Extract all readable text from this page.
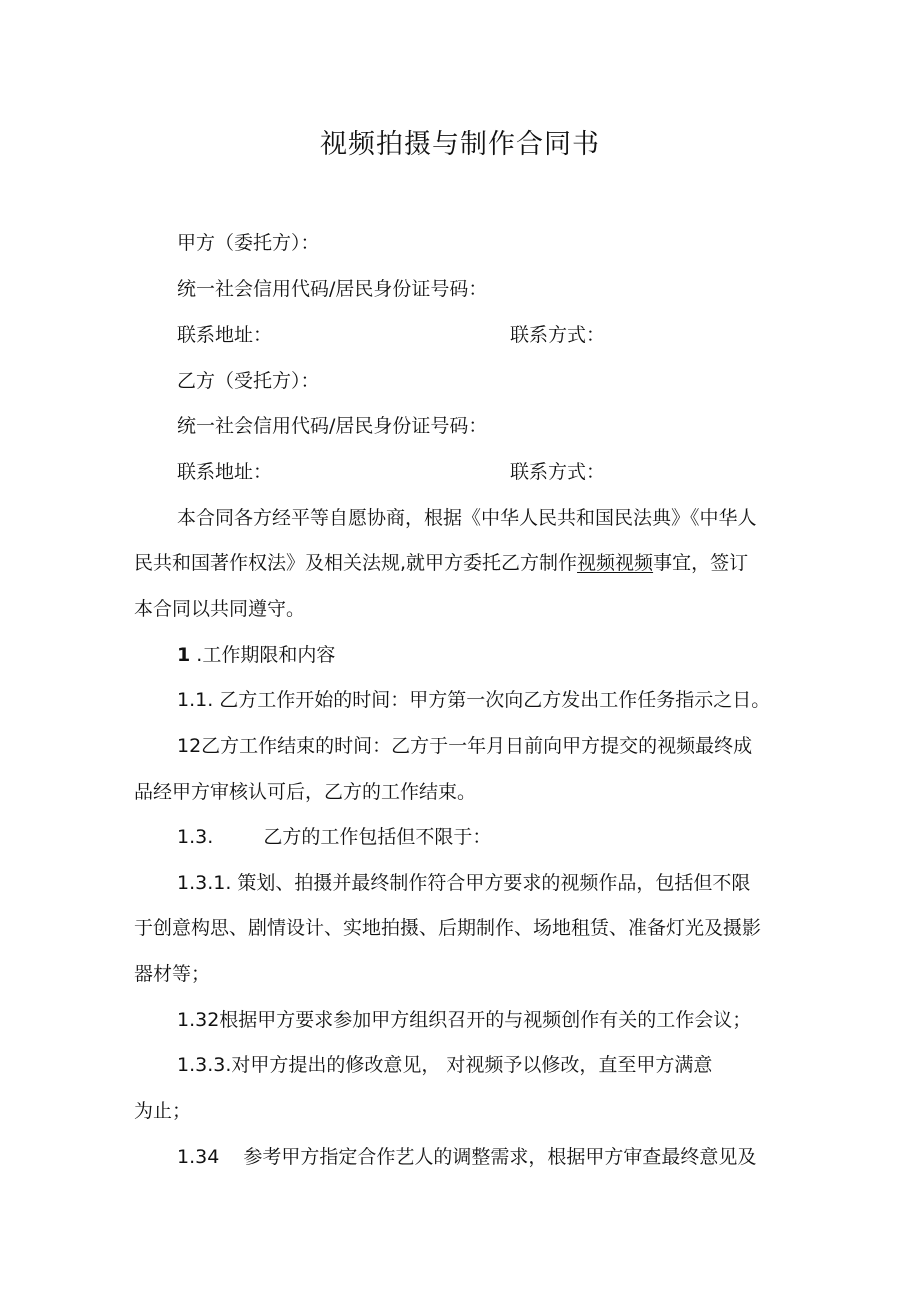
视频拍摄与制作合同书
甲方（委托方）：
统一社会信用代码/居民身份证号码：
联系地址：	联系方式：
乙方（受托方）：
统一社会信用代码/居民身份证号码：
联系地址：	联系方式：
本合同各方经平等自愿协商，根据《中华人民共和国民法典》《中华人
民共和国著作权法》及相关法规,就甲方委托乙方制作视频视频事宜，签订
本合同以共同遵守。
1 .工作期限和内容
1.1. 乙方工作开始的时间：甲方第一次向乙方发出工作任务指示之日。
12乙方工作结束的时间：乙方于一年月日前向甲方提交的视频最终成
品经甲方审核认可后，乙方的工作结束。
1.3.	乙方的工作包括但不限于：
1.3.1. 策划、拍摄并最终制作符合甲方要求的视频作品，包括但不限
于创意构思、剧情设计、实地拍摄、后期制作、场地租赁、准备灯光及摄影
器材等；
1.32根据甲方要求参加甲方组织召开的与视频创作有关的工作会议；
1.3.3.对甲方提出的修改意见， 对视频予以修改，直至甲方满意
为止；
1.34 参考甲方指定合作艺人的调整需求，根据甲方审查最终意见及
